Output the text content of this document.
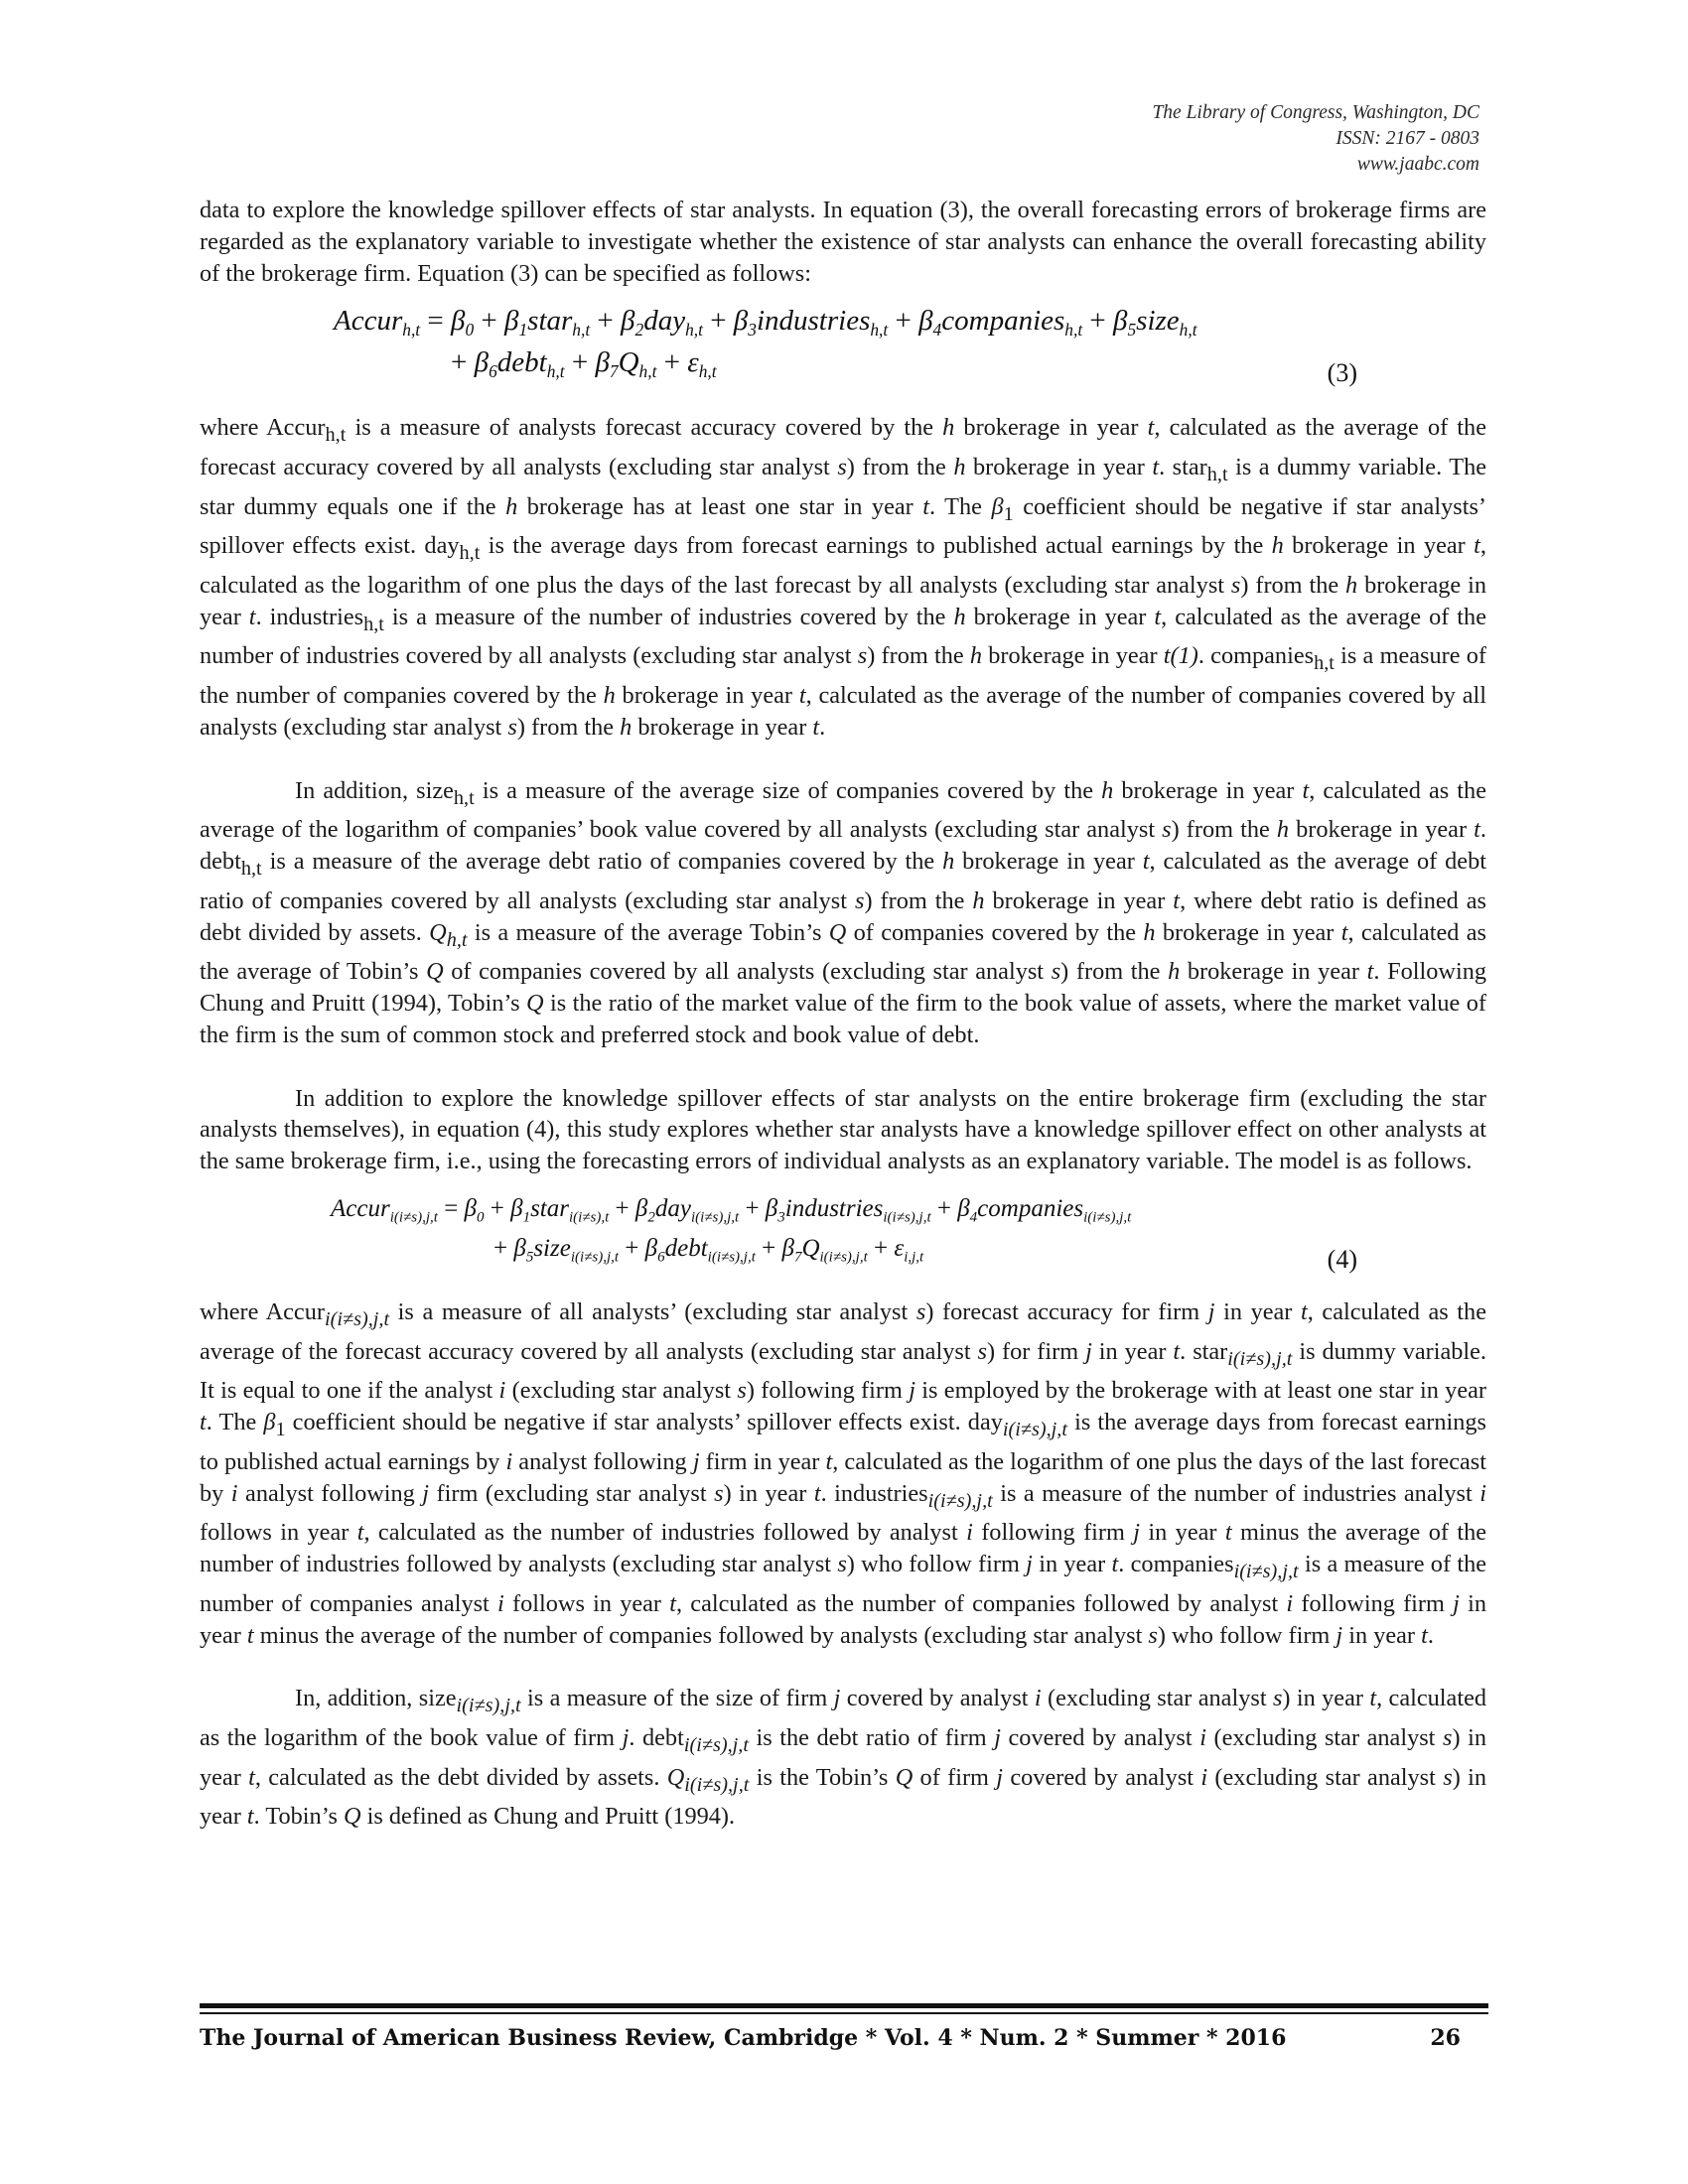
The Library of Congress, Washington, DC
ISSN: 2167 - 0803
www.jaabc.com

data to explore the knowledge spillover effects of star analysts. In equation (3), the overall forecasting errors of brokerage firms are regarded as the explanatory variable to investigate whether the existence of star analysts can enhance the overall forecasting ability of the brokerage firm. Equation (3) can be specified as follows:

Accur$_{h,t}$ = $\beta_0$ + $\beta_1star_{h,t} + \beta_2day_{h,t}$ + $\beta_3industries_{h,t}$ + $\beta_4companies_{h,t}$ + $\beta_5size_{h,t}$
+ $\beta_6debt_{h,t} + \beta_7Q_{h,t} + \varepsilon_{h,t}$	(3)

where Accur$_{h,t}$ is a measure of analysts forecast accuracy covered by the h brokerage in year t, calculated as the average of the forecast accuracy covered by all analysts (excluding star analyst s) from the h brokerage in year t. star$_{h,t}$ is a dummy variable. The star dummy equals one if the h brokerage has at least one star in year t. The $\beta_1$ coefficient should be negative if star analysts’ spillover effects exist. day$_{h,t}$ is the average days from forecast earnings to published actual earnings by the h brokerage in year t, calculated as the logarithm of one plus the days of the last forecast by all analysts (excluding star analyst s) from the h brokerage in year t. industries$_{h,t}$ is a measure of the number of industries covered by the h brokerage in year t, calculated as the average of the number of industries covered by all analysts (excluding star analyst s) from the h brokerage in year t(1). companies$_{h,t}$ is a measure of the number of companies covered by the h brokerage in year t, calculated as the average of the number of companies covered by all analysts (excluding star analyst s) from the h brokerage in year t.

In addition, size$_{h,t}$ is a measure of the average size of companies covered by the h brokerage in year t, calculated as the average of the logarithm of companies’ book value covered by all analysts (excluding star analyst s) from the h brokerage in year t. debt$_{h,t}$ is a measure of the average debt ratio of companies covered by the h brokerage in year t, calculated as the average of debt ratio of companies covered by all analysts (excluding star analyst s) from the h brokerage in year t, where debt ratio is defined as debt divided by assets. $Q_{h,t}$ is a measure of the average Tobin’s Q of companies covered by the h brokerage in year t, calculated as the average of Tobin’s Q of companies covered by all analysts (excluding star analyst s) from the h brokerage in year t. Following Chung and Pruitt (1994), Tobin’s Q is the ratio of the market value of the firm to the book value of assets, where the market value of the firm is the sum of common stock and preferred stock and book value of debt.

In addition to explore the knowledge spillover effects of star analysts on the entire brokerage firm (excluding the star analysts themselves), in equation (4), this study explores whether star analysts have a knowledge spillover effect on other analysts at the same brokerage firm, i.e., using the forecasting errors of individual analysts as an explanatory variable. The model is as follows.

Accur$_{i(i\ne s),j,t}$ = $\beta_0$ + $\beta_1star_{i(i\ne s),t} + \beta_2day_{i(i\ne s),j,t}$ + $\beta_3industries_{i(i\ne s),j,t}$ + $\beta_4companies_{i(i\ne s),j,t}$
+ $\beta_5size_{i(i\ne s),j,t}$ + $\beta_6debt_{i(i\ne s),j,t} + \beta_7Q_{i(i\ne s),j,t} + \varepsilon_{i,j,t}$	(4)

where Accur$_{i(i\ne s),j,t}$ is a measure of all analysts’ (excluding star analyst s) forecast accuracy for firm j in year t, calculated as the average of the forecast accuracy covered by all analysts (excluding star analyst s) for firm j in year t. star$_{i(i\ne s),j,t}$ is dummy variable. It is equal to one if the analyst i (excluding star analyst s) following firm j is employed by the brokerage with at least one star in year t. The $\beta_1$ coefficient should be negative if star analysts’ spillover effects exist. day$_{i(i\ne s),j,t}$ is the average days from forecast earnings to published actual earnings by i analyst following j firm in year t, calculated as the logarithm of one plus the days of the last forecast by i analyst following j firm (excluding star analyst s) in year t. industries$_{i(i\ne s),j,t}$ is a measure of the number of industries analyst i follows in year t, calculated as the number of industries followed by analyst i following firm j in year t minus the average of the number of industries followed by analysts (excluding star analyst s) who follow firm j in year t. companies$_{i(i\ne s),j,t}$ is a measure of the number of companies analyst i follows in year t, calculated as the number of companies followed by analyst i following firm j in year t minus the average of the number of companies followed by analysts (excluding star analyst s) who follow firm j in year t.

In, addition, size$_{i(i\ne s),j,t}$ is a measure of the size of firm j covered by analyst i (excluding star analyst s) in year t, calculated as the logarithm of the book value of firm j. debt$_{i(i\ne s),j,t}$ is the debt ratio of firm j covered by analyst i (excluding star analyst s) in year t, calculated as the debt divided by assets. $Q_{i(i\ne s),j,t}$ is the Tobin’s Q of firm j covered by analyst i (excluding star analyst s) in year t. Tobin’s Q is defined as Chung and Pruitt (1994).

The Journal of American Business Review, Cambridge * Vol. 4 * Num. 2 * Summer * 2016	26
